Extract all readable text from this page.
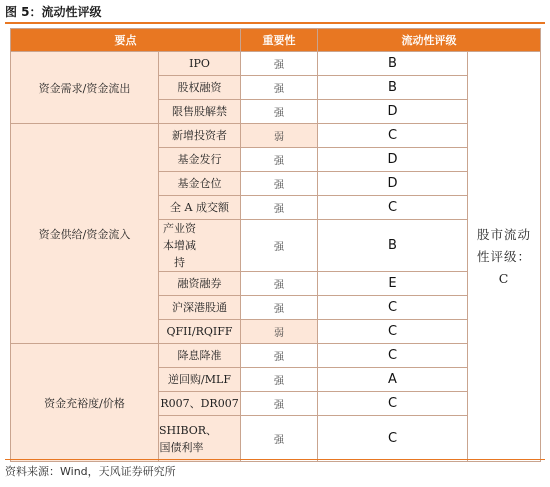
图 5：流动性评级
要点		重要性	流动性评级	
资金需求/资金流出	IPO	强	B	股市流动性评级：C
	股权融资	强	B	
	限售股解禁	强	D	
资金供给/资金流入	新增投资者	弱	C	
	基金发行	强	D	
	基金仓位	强	D	
	全 A 成交额	强	C	
	产业资本增减持	强	B	
	融资融券	强	E	
	沪深港股通	强	C	
	QFII/RQIFF	弱	C	
资金充裕度/价格	降息降准	强	C	
	逆回购/MLF	强	A	
	R007、DR007	强	C	
	SHIBOR、国债利率	强	C	
资料来源：Wind，天风证券研究所
